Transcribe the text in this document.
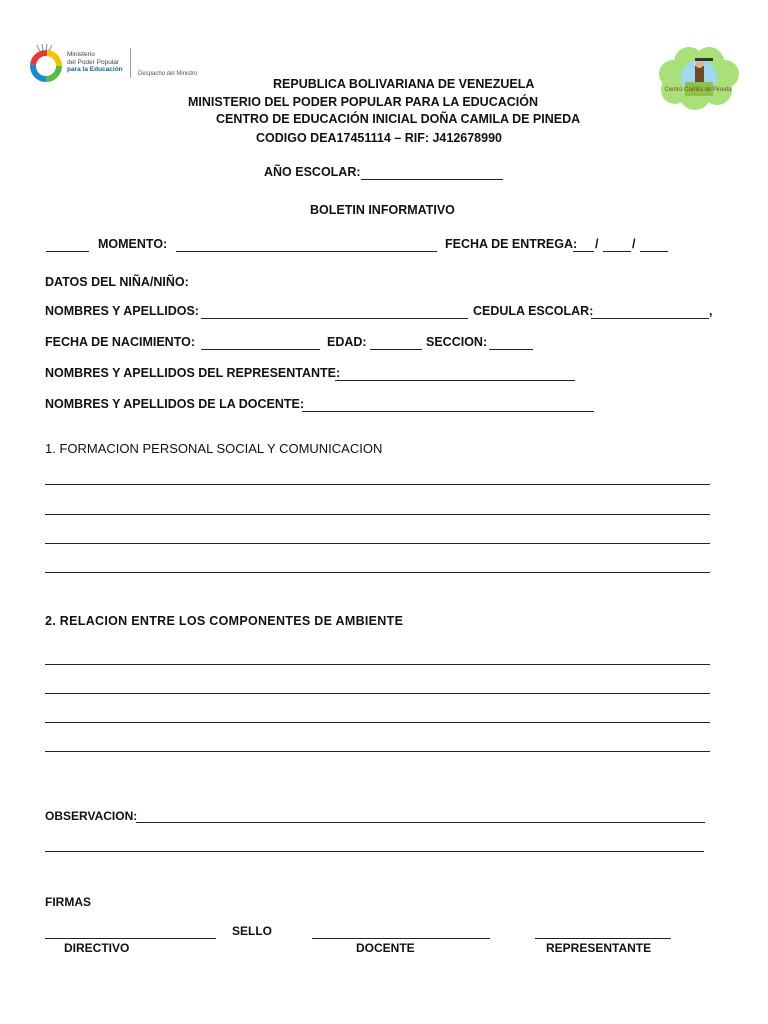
Ministerio
del Poder Popular
para la Educación
Despacho del Ministro
Centro Camila de Pineda
REPUBLICA BOLIVARIANA DE VENEZUELA
MINISTERIO DEL PODER POPULAR PARA LA EDUCACIÓN
CENTRO DE EDUCACIÓN INICIAL DOÑA CAMILA DE PINEDA
CODIGO DEA17451114 – RIF: J412678990
AÑO ESCOLAR:
BOLETIN INFORMATIVO
MOMENTO:	FECHA DE ENTREGA: /	/
DATOS DEL NIÑA/NIÑO:
NOMBRES Y APELLIDOS:	CEDULA ESCOLAR:	,
FECHA DE NACIMIENTO:	EDAD:	SECCION:
NOMBRES Y APELLIDOS DEL REPRESENTANTE:
NOMBRES Y APELLIDOS DE LA DOCENTE:
1. FORMACION PERSONAL SOCIAL Y COMUNICACION
2. RELACION ENTRE LOS COMPONENTES DE AMBIENTE
OBSERVACION:
FIRMAS
SELLO
DIRECTIVO	DOCENTE	REPRESENTANTE
